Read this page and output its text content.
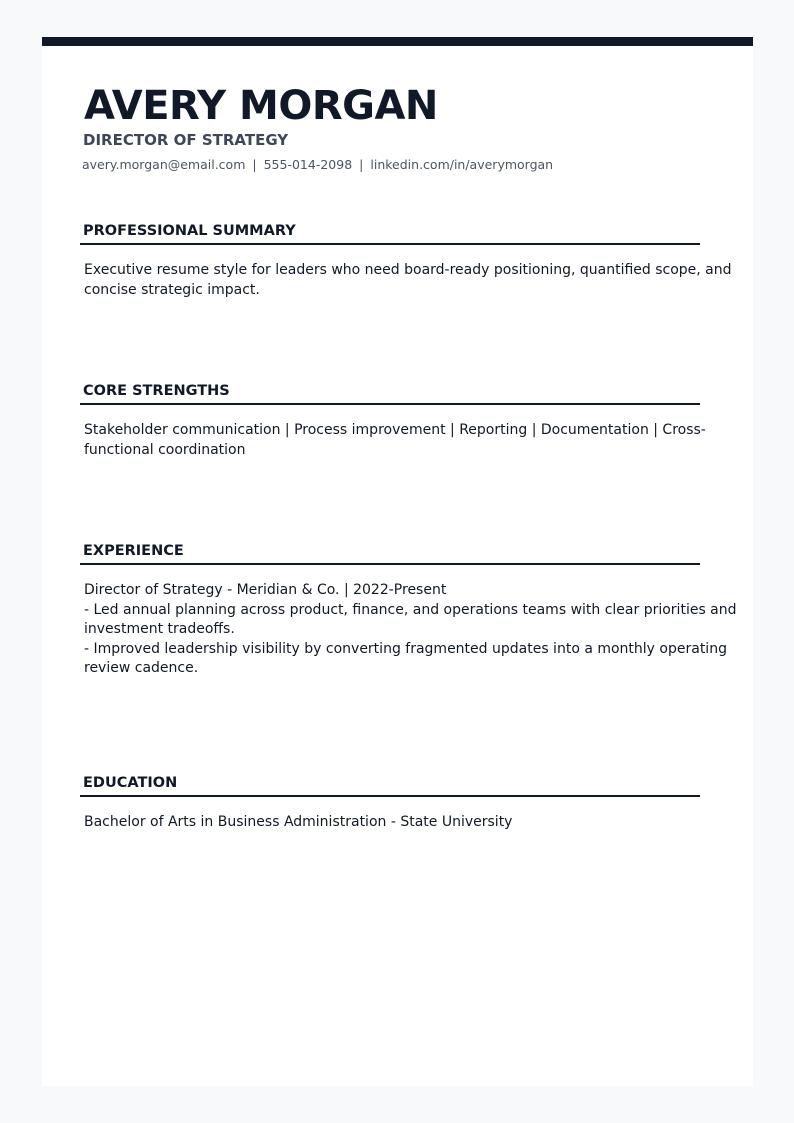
AVERY MORGAN
DIRECTOR OF STRATEGY
avery.morgan@email.com | 555-014-2098 | linkedin.com/in/averymorgan
PROFESSIONAL SUMMARY
Executive resume style for leaders who need board-ready positioning, quantified scope, and
concise strategic impact.
CORE STRENGTHS
Stakeholder communication | Process improvement | Reporting | Documentation | Cross-
functional coordination
EXPERIENCE
Director of Strategy - Meridian & Co. | 2022-Present
- Led annual planning across product, finance, and operations teams with clear priorities and
investment tradeoffs.
- Improved leadership visibility by converting fragmented updates into a monthly operating
review cadence.
EDUCATION
Bachelor of Arts in Business Administration - State University
